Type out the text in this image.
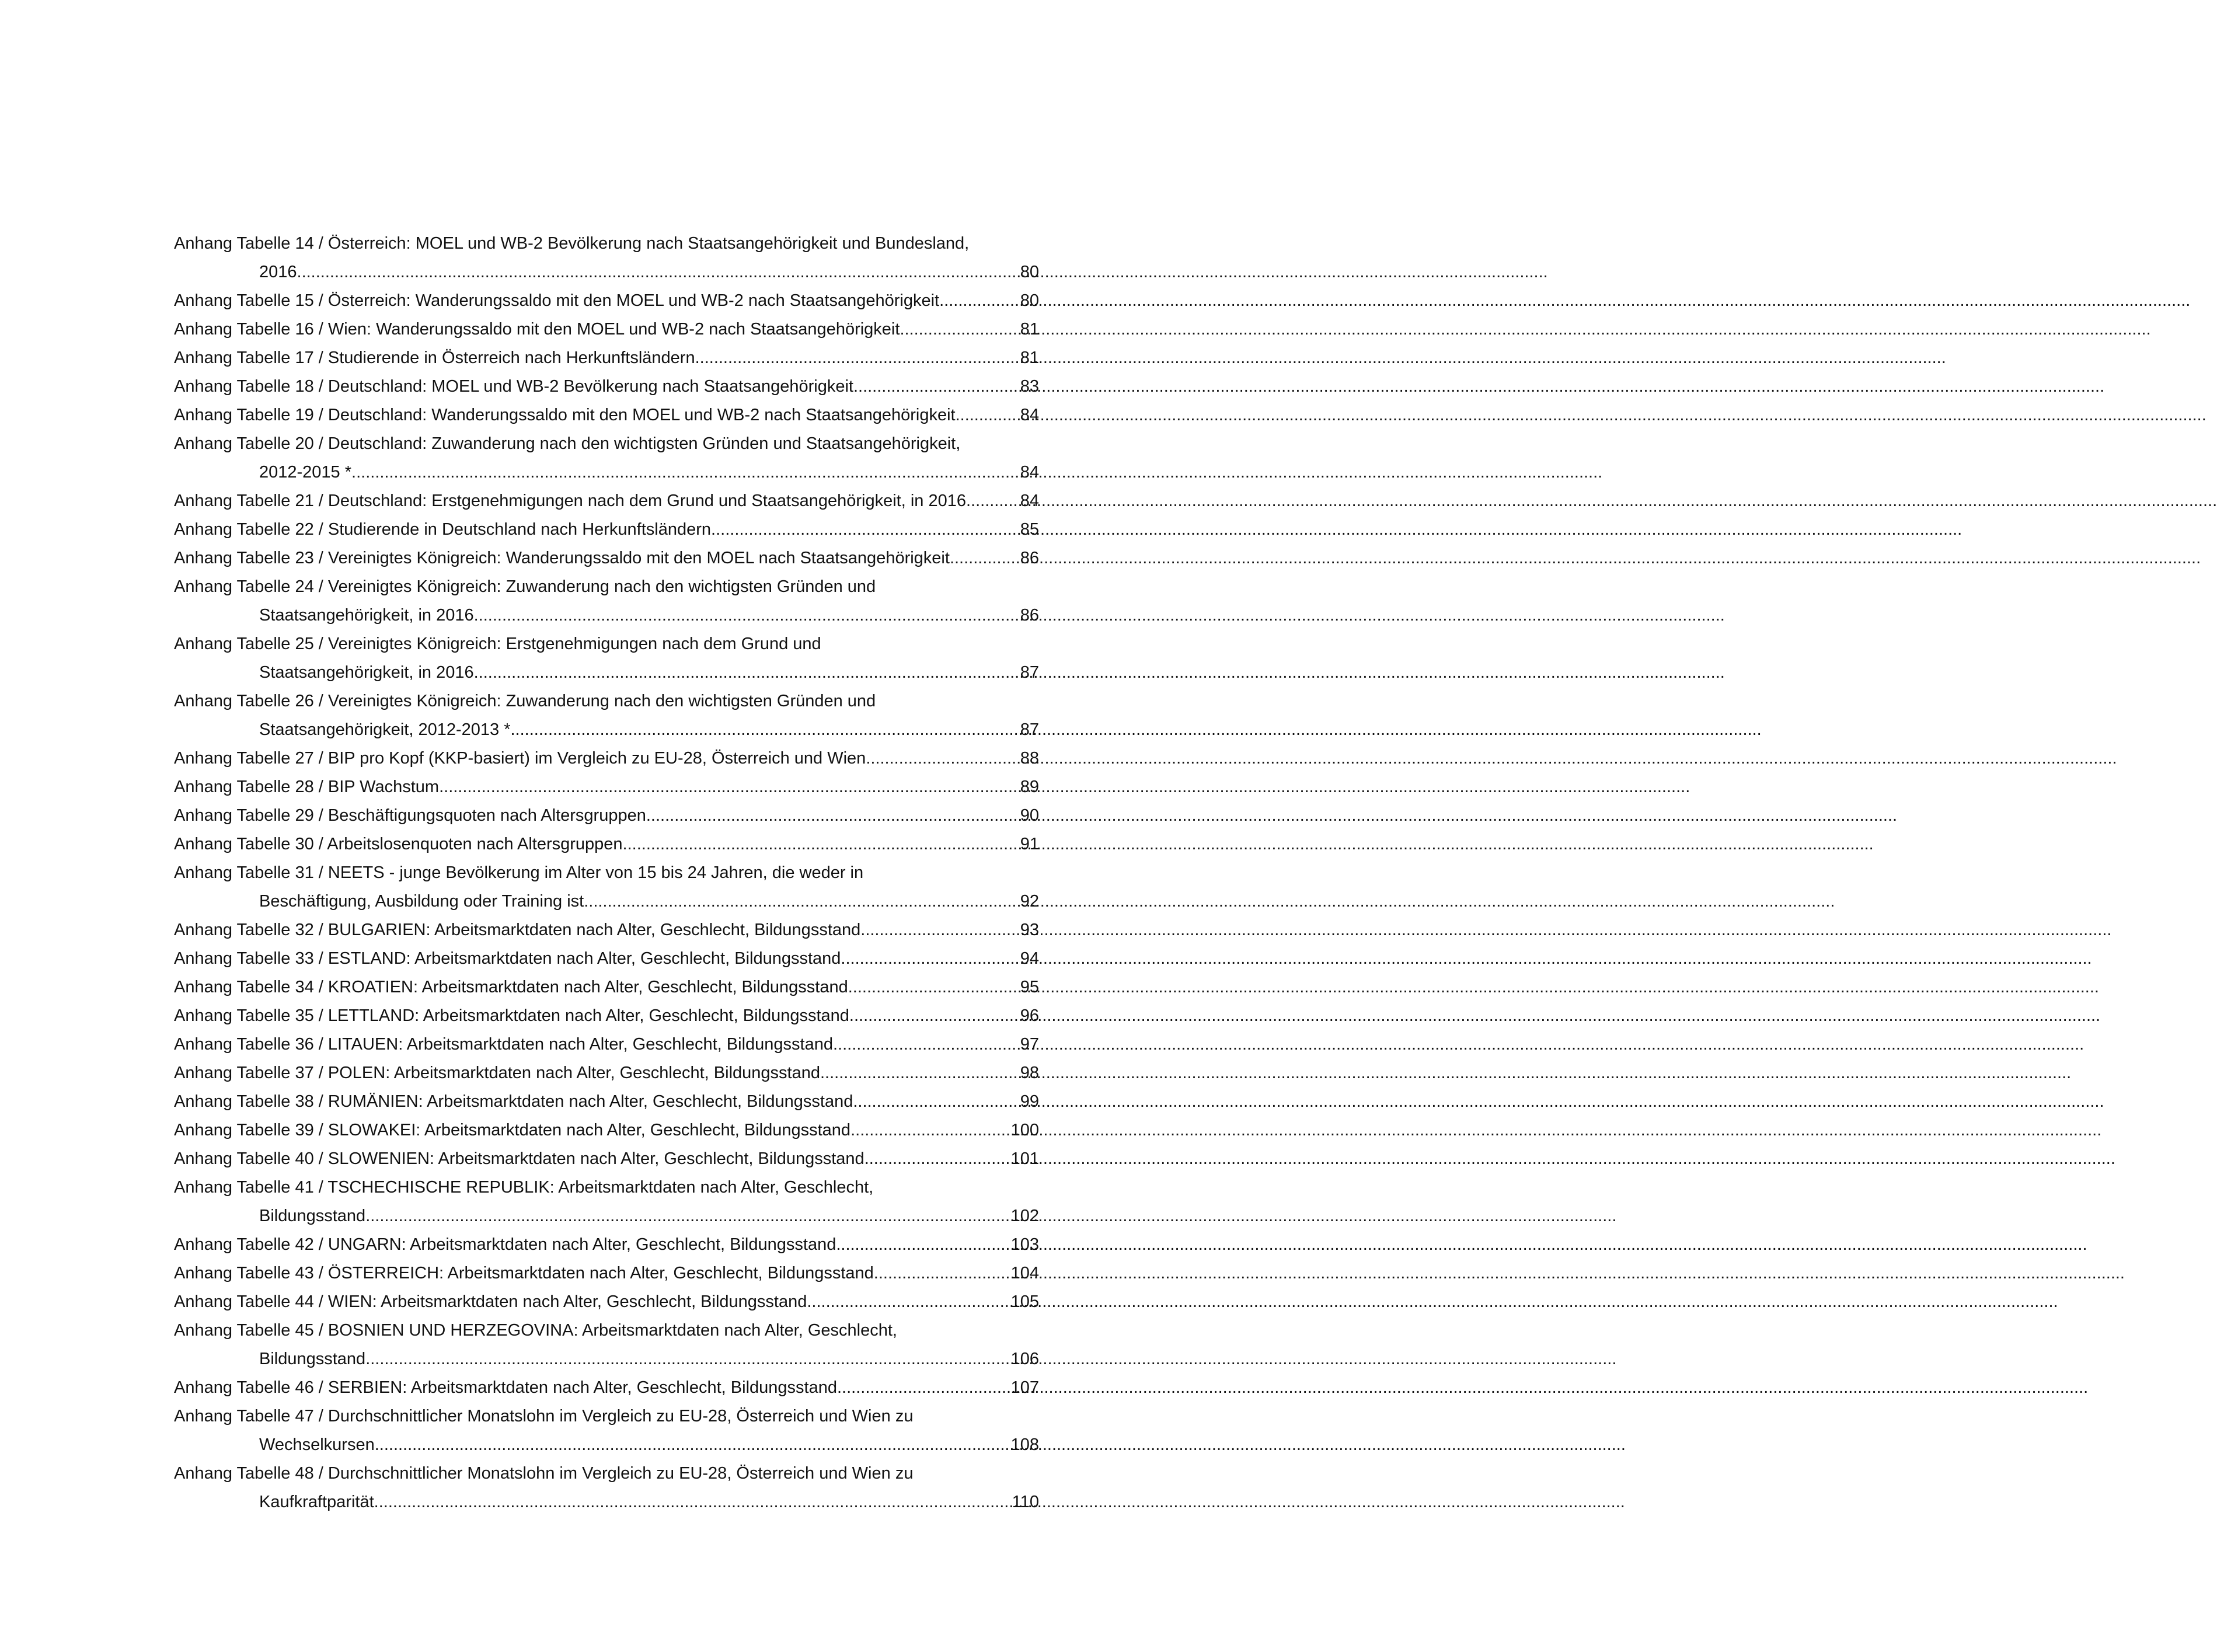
Anhang Tabelle 14 / Österreich: MOEL und WB-2 Bevölkerung nach Staatsangehörigkeit und Bundesland,
2016 .....	80
Anhang Tabelle 15 / Österreich: Wanderungssaldo mit den MOEL und WB-2 nach Staatsangehörigkeit .....	80
Anhang Tabelle 16 / Wien: Wanderungssaldo mit den MOEL und WB-2 nach Staatsangehörigkeit .....	81
Anhang Tabelle 17 / Studierende in Österreich nach Herkunftsländern .....	81
Anhang Tabelle 18 / Deutschland: MOEL und WB-2 Bevölkerung nach Staatsangehörigkeit .....	83
Anhang Tabelle 19 / Deutschland: Wanderungssaldo mit den MOEL und WB-2 nach Staatsangehörigkeit .....	84
Anhang Tabelle 20 / Deutschland: Zuwanderung nach den wichtigsten Gründen und Staatsangehörigkeit,
2012-2015 * .....	84
Anhang Tabelle 21 / Deutschland: Erstgenehmigungen nach dem Grund und Staatsangehörigkeit, in 2016 .....	84
Anhang Tabelle 22 / Studierende in Deutschland nach Herkunftsländern .....	85
Anhang Tabelle 23 / Vereinigtes Königreich: Wanderungssaldo mit den MOEL nach Staatsangehörigkeit .....	86
Anhang Tabelle 24 / Vereinigtes Königreich: Zuwanderung nach den wichtigsten Gründen und
Staatsangehörigkeit, in 2016 .....	86
Anhang Tabelle 25 / Vereinigtes Königreich: Erstgenehmigungen nach dem Grund und
Staatsangehörigkeit, in 2016 .....	87
Anhang Tabelle 26 / Vereinigtes Königreich: Zuwanderung nach den wichtigsten Gründen und
Staatsangehörigkeit, 2012-2013 * .....	87
Anhang Tabelle 27 / BIP pro Kopf (KKP-basiert) im Vergleich zu EU-28, Österreich und Wien .....	88
Anhang Tabelle 28 / BIP Wachstum .....	89
Anhang Tabelle 29 / Beschäftigungsquoten nach Altersgruppen .....	90
Anhang Tabelle 30 / Arbeitslosenquoten nach Altersgruppen .....	91
Anhang Tabelle 31 / NEETS - junge Bevölkerung im Alter von 15 bis 24 Jahren, die weder in
Beschäftigung, Ausbildung oder Training ist .....	92
Anhang Tabelle 32 / BULGARIEN: Arbeitsmarktdaten nach Alter, Geschlecht, Bildungsstand .....	93
Anhang Tabelle 33 / ESTLAND: Arbeitsmarktdaten nach Alter, Geschlecht, Bildungsstand .....	94
Anhang Tabelle 34 / KROATIEN: Arbeitsmarktdaten nach Alter, Geschlecht, Bildungsstand .....	95
Anhang Tabelle 35 / LETTLAND: Arbeitsmarktdaten nach Alter, Geschlecht, Bildungsstand .....	96
Anhang Tabelle 36 / LITAUEN: Arbeitsmarktdaten nach Alter, Geschlecht, Bildungsstand .....	97
Anhang Tabelle 37 / POLEN: Arbeitsmarktdaten nach Alter, Geschlecht, Bildungsstand .....	98
Anhang Tabelle 38 / RUMÄNIEN: Arbeitsmarktdaten nach Alter, Geschlecht, Bildungsstand .....	99
Anhang Tabelle 39 / SLOWAKEI: Arbeitsmarktdaten nach Alter, Geschlecht, Bildungsstand .....	100
Anhang Tabelle 40 / SLOWENIEN: Arbeitsmarktdaten nach Alter, Geschlecht, Bildungsstand .....	101
Anhang Tabelle 41 / TSCHECHISCHE REPUBLIK: Arbeitsmarktdaten nach Alter, Geschlecht,
Bildungsstand .....	102
Anhang Tabelle 42 / UNGARN: Arbeitsmarktdaten nach Alter, Geschlecht, Bildungsstand .....	103
Anhang Tabelle 43 / ÖSTERREICH: Arbeitsmarktdaten nach Alter, Geschlecht, Bildungsstand .....	104
Anhang Tabelle 44 / WIEN: Arbeitsmarktdaten nach Alter, Geschlecht, Bildungsstand .....	105
Anhang Tabelle 45 / BOSNIEN UND HERZEGOVINA: Arbeitsmarktdaten nach Alter, Geschlecht,
Bildungsstand .....	106
Anhang Tabelle 46 / SERBIEN: Arbeitsmarktdaten nach Alter, Geschlecht, Bildungsstand .....	107
Anhang Tabelle 47 / Durchschnittlicher Monatslohn im Vergleich zu EU-28, Österreich und Wien zu
Wechselkursen .....	108
Anhang Tabelle 48 / Durchschnittlicher Monatslohn im Vergleich zu EU-28, Österreich und Wien zu
Kaufkraftparität .....	110
